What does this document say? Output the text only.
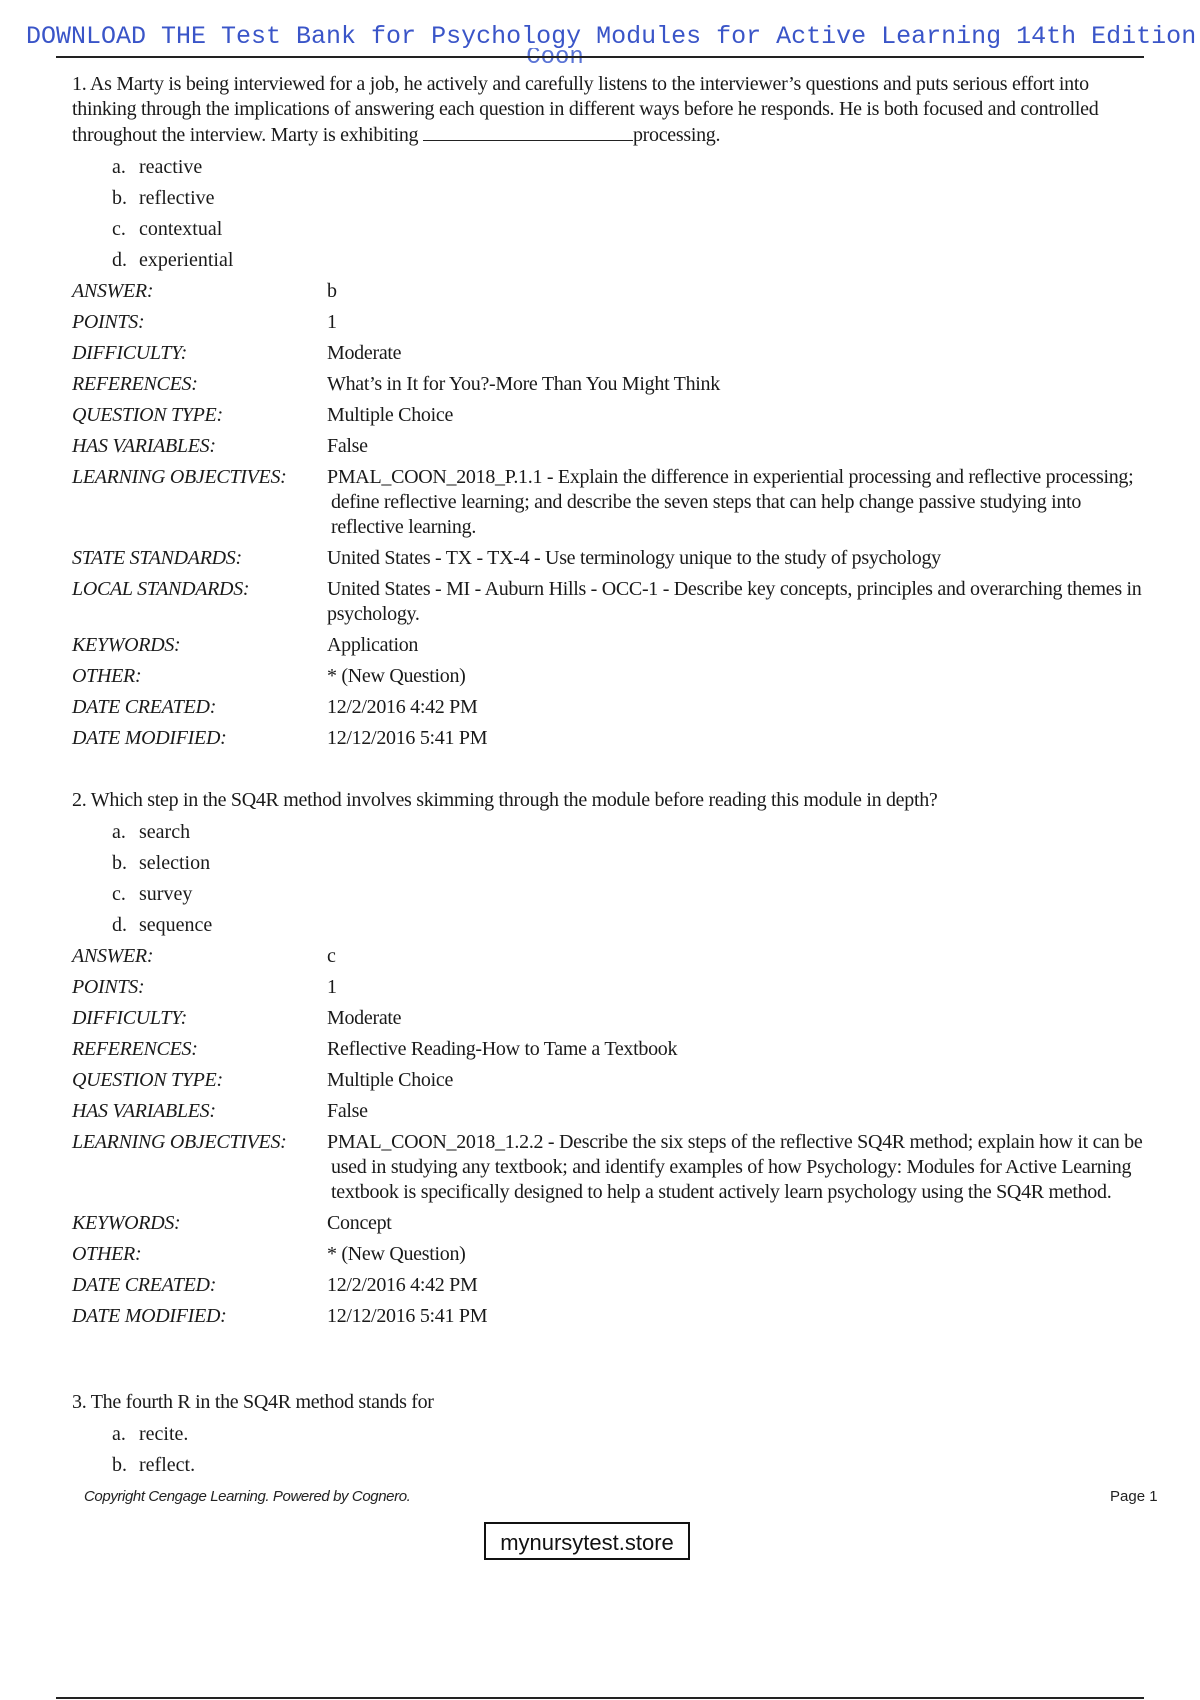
DOWNLOAD THE Test Bank for Psychology Modules for Active Learning 14th Edition
Coon

1. As Marty is being interviewed for a job, he actively and carefully listens to the interviewer’s questions and puts serious effort into thinking through the implications of answering each question in different ways before he responds. He is both focused and controlled throughout the interview. Marty is exhibiting	processing.

a. reactive
b. reflective
c. contextual
d. experiential
ANSWER:	b
POINTS:	1
DIFFICULTY:	Moderate
REFERENCES:	What’s in It for You?-More Than You Might Think
QUESTION TYPE:	Multiple Choice
HAS VARIABLES:	False
LEARNING OBJECTIVES:	PMAL_COON_2018_P.1.1 - Explain the difference in experiential processing and reflective processing; define reflective learning; and describe the seven steps that can help change passive studying into reflective learning.
STATE STANDARDS:	United States - TX - TX-4 - Use terminology unique to the study of psychology
LOCAL STANDARDS:	United States - MI - Auburn Hills - OCC-1 - Describe key concepts, principles and overarching themes in psychology.
KEYWORDS:	Application
OTHER:	* (New Question)
DATE CREATED:	12/2/2016 4:42 PM
DATE MODIFIED:	12/12/2016 5:41 PM

2. Which step in the SQ4R method involves skimming through the module before reading this module in depth?

a. search
b. selection
c. survey
d. sequence
ANSWER:	c
POINTS:	1
DIFFICULTY:	Moderate
REFERENCES:	Reflective Reading-How to Tame a Textbook
QUESTION TYPE:	Multiple Choice
HAS VARIABLES:	False
LEARNING OBJECTIVES:	PMAL_COON_2018_1.2.2 - Describe the six steps of the reflective SQ4R method; explain how it can be used in studying any textbook; and identify examples of how Psychology: Modules for Active Learning textbook is specifically designed to help a student actively learn psychology using the SQ4R method.
KEYWORDS:	Concept
OTHER:	* (New Question)
DATE CREATED:	12/2/2016 4:42 PM
DATE MODIFIED:	12/12/2016 5:41 PM

3. The fourth R in the SQ4R method stands for

a. recite.
b. reflect.
Copyright Cengage Learning. Powered by Cognero.	Page 1
mynursytest.store
